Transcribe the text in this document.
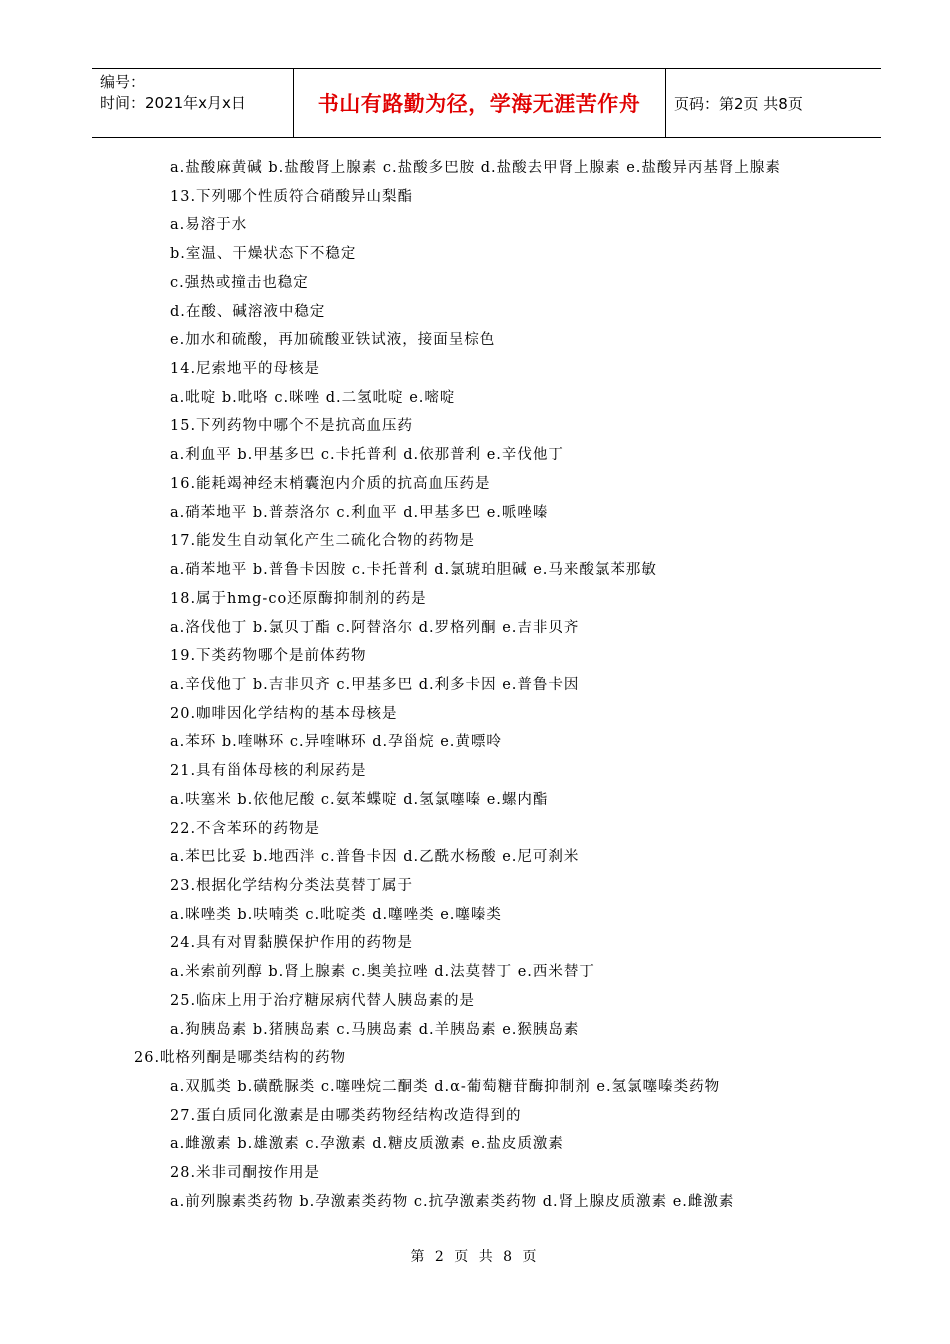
编号：
时间：2021年x月x日	书山有路勤为径，学海无涯苦作舟	页码：第2页 共8页
a.盐酸麻黄碱 b.盐酸肾上腺素 c.盐酸多巴胺 d.盐酸去甲肾上腺素 e.盐酸异丙基肾上腺素
13.下列哪个性质符合硝酸异山梨酯
a.易溶于水
b.室温、干燥状态下不稳定
c.强热或撞击也稳定
d.在酸、碱溶液中稳定
e.加水和硫酸，再加硫酸亚铁试液，接面呈棕色
14.尼索地平的母核是
a.吡啶 b.吡咯 c.咪唑 d.二氢吡啶 e.嘧啶
15.下列药物中哪个不是抗高血压药
a.利血平 b.甲基多巴 c.卡托普利 d.依那普利 e.辛伐他丁
16.能耗竭神经末梢囊泡内介质的抗高血压药是
a.硝苯地平 b.普萘洛尔 c.利血平 d.甲基多巴 e.哌唑嗪
17.能发生自动氧化产生二硫化合物的药物是
a.硝苯地平 b.普鲁卡因胺 c.卡托普利 d.氯琥珀胆碱 e.马来酸氯苯那敏
18.属于hmg-co还原酶抑制剂的药是
a.洛伐他丁 b.氯贝丁酯 c.阿替洛尔 d.罗格列酮 e.吉非贝齐
19.下类药物哪个是前体药物
a.辛伐他丁 b.吉非贝齐 c.甲基多巴 d.利多卡因 e.普鲁卡因
20.咖啡因化学结构的基本母核是
a.苯环 b.喹啉环 c.异喹啉环 d.孕甾烷 e.黄嘌呤
21.具有甾体母核的利尿药是
a.呋塞米 b.依他尼酸 c.氨苯蝶啶 d.氢氯噻嗪 e.螺内酯
22.不含苯环的药物是
a.苯巴比妥 b.地西泮 c.普鲁卡因 d.乙酰水杨酸 e.尼可刹米
23.根据化学结构分类法莫替丁属于
a.咪唑类 b.呋喃类 c.吡啶类 d.噻唑类 e.噻嗪类
24.具有对胃黏膜保护作用的药物是
a.米索前列醇 b.肾上腺素 c.奥美拉唑 d.法莫替丁 e.西米替丁
25.临床上用于治疗糖尿病代替人胰岛素的是
a.狗胰岛素 b.猪胰岛素 c.马胰岛素 d.羊胰岛素 e.猴胰岛素
26.吡格列酮是哪类结构的药物
a.双胍类 b.磺酰脲类 c.噻唑烷二酮类 d.α-葡萄糖苷酶抑制剂 e.氢氯噻嗪类药物
27.蛋白质同化激素是由哪类药物经结构改造得到的
a.雌激素 b.雄激素 c.孕激素 d.糖皮质激素 e.盐皮质激素
28.米非司酮按作用是
a.前列腺素类药物 b.孕激素类药物 c.抗孕激素类药物 d.肾上腺皮质激素 e.雌激素
第 2 页 共 8 页
